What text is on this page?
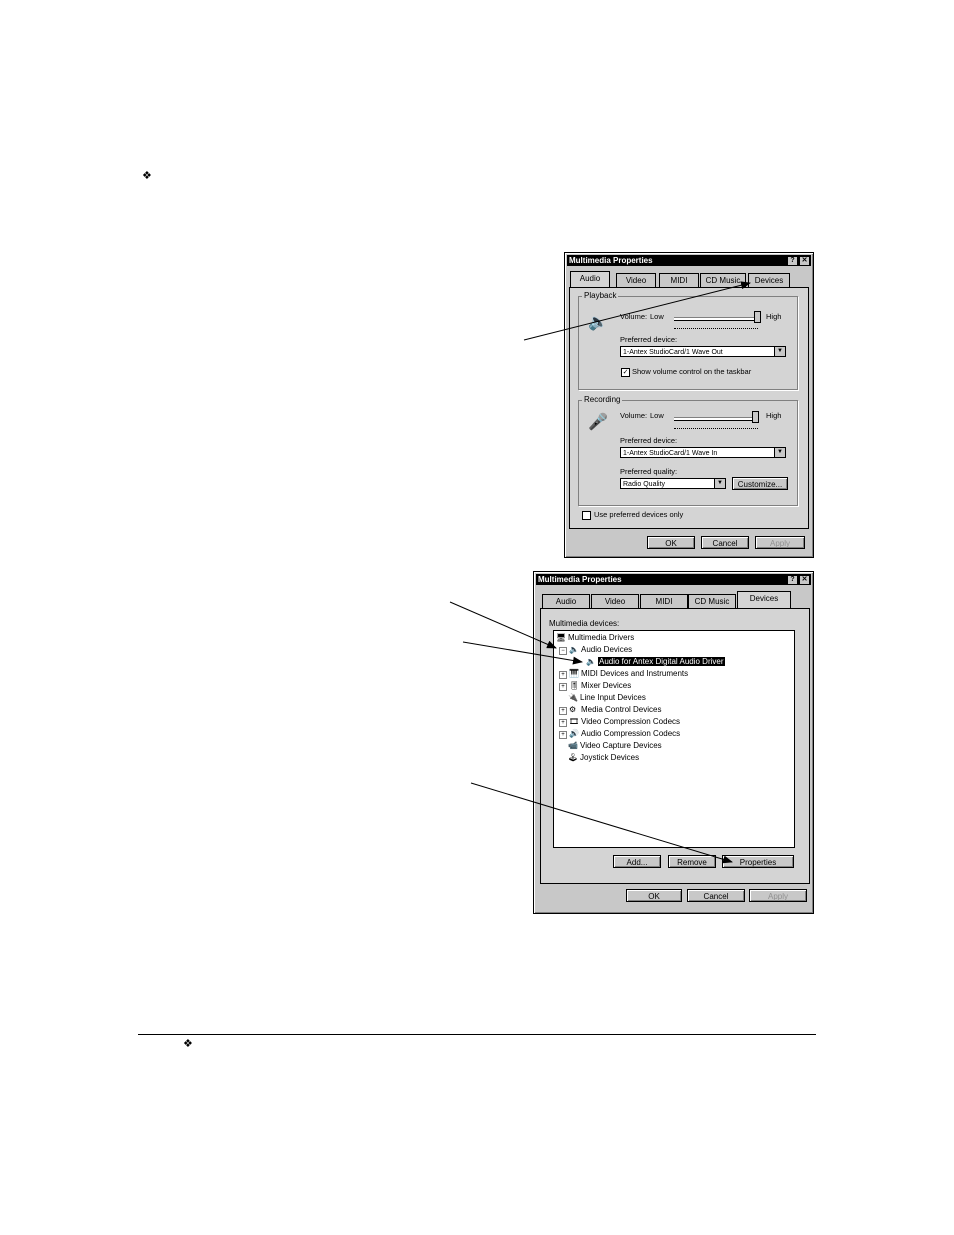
❖
❖
Multimedia Properties	? ✕
Audio	Video	MIDI	CD Music	Devices
Playback
🔈 Volume: Low	High
Preferred device:
1-Antex StudioCard/1 Wave Out	▼
✓ Show volume control on the taskbar
Recording
🎤 Volume: Low	High
Preferred device:
1-Antex StudioCard/1 Wave In	▼
Preferred quality:
Radio Quality	▼	Customize...
Use preferred devices only
OK	Cancel	Apply
Multimedia Properties	? ✕
Audio	Video	MIDI	CD Music	Devices
Multimedia devices:
🖥 Multimedia Drivers
− 🔈 Audio Devices
🔈 Audio for Antex Digital Audio Driver
+ 🎹 MIDI Devices and Instruments
+ 🎚 Mixer Devices
🔌 Line Input Devices
+ ⚙ Media Control Devices
+ 🎞 Video Compression Codecs
+ 🔊 Audio Compression Codecs
📹 Video Capture Devices
🕹 Joystick Devices
Add...	Remove	Properties
OK	Cancel	Apply
